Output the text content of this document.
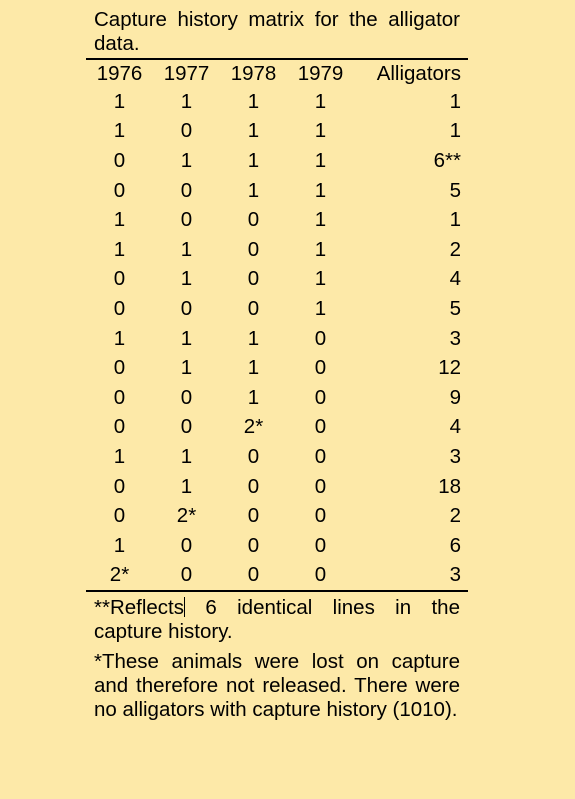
Capture history matrix for the alligator data.

1976	1977	1978	1979	Alligators
1	1	1	1	1
1	0	1	1	1
0	1	1	1	6**
0	0	1	1	5
1	0	0	1	1
1	1	0	1	2
0	1	0	1	4
0	0	0	1	5
1	1	1	0	3
0	1	1	0	12
0	0	1	0	9
0	0	2*	0	4
1	1	0	0	3
0	1	0	0	18
0	2*	0	0	2
1	0	0	0	6
2*	0	0	0	3

**Reflects 6 identical lines in the capture history.

*These animals were lost on capture and therefore not released. There were no alligators with capture history (1010).
